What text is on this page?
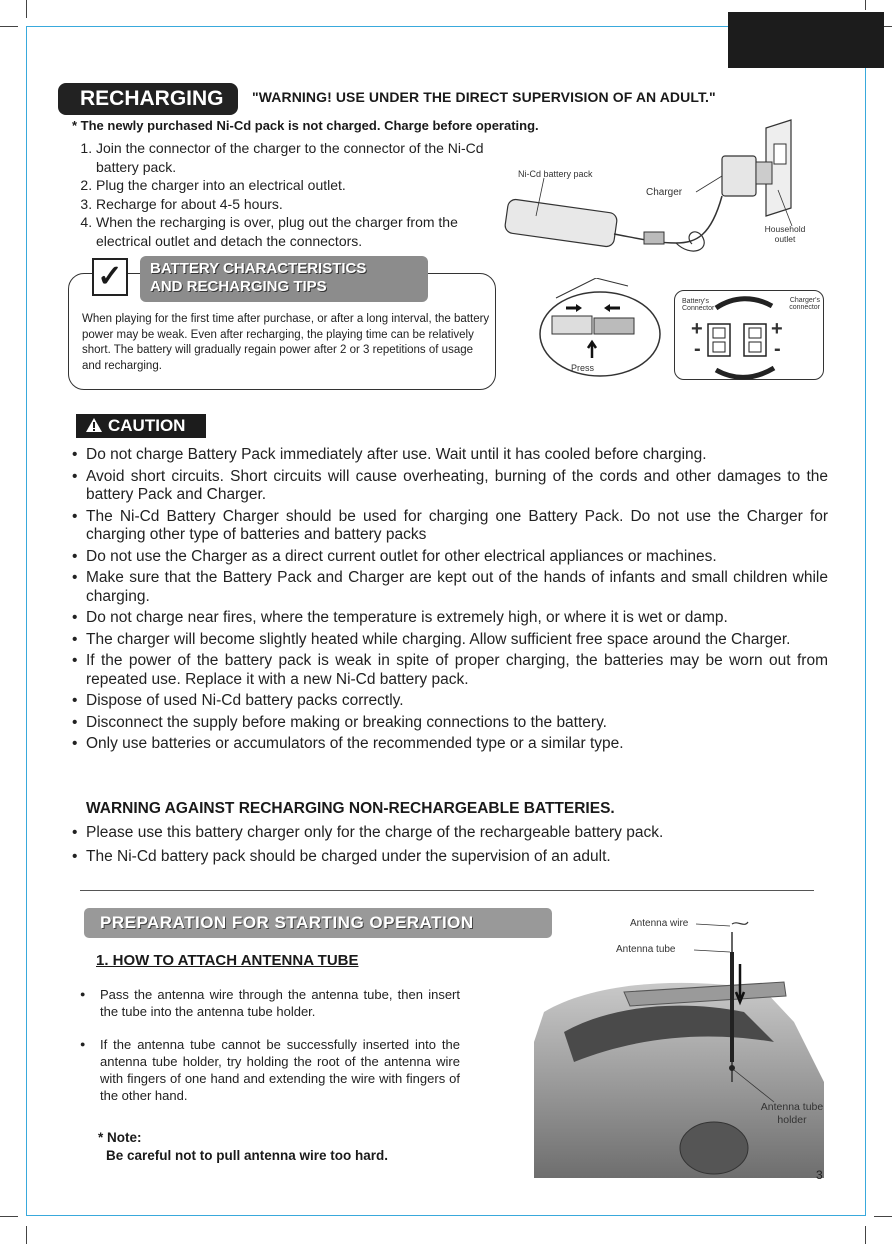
RECHARGING	"WARNING! USE UNDER THE DIRECT SUPERVISION OF AN ADULT."
* The newly purchased Ni-Cd pack is not charged. Charge before operating.
1. Join the connector of the charger to the connector of the Ni-Cd battery pack.
2. Plug the charger into an electrical outlet.
3. Recharge for about 4-5 hours.
4. When the recharging is over, plug out the charger from the electrical outlet and detach the connectors.
Ni-Cd battery pack
Charger
Household outlet
✓	BATTERY CHARACTERISTICS
AND RECHARGING TIPS
When playing for the first time after purchase, or after a long interval, the battery power may be weak. Even after recharging, the playing time can be relatively short. The battery will gradually regain power after 2 or 3 repetitions of usage and recharging.	Press
Battery's Connector
Charger's connector
+
-
+
-
CAUTION
• Do not charge Battery Pack immediately after use. Wait until it has cooled before charging.
• Avoid short circuits. Short circuits will cause overheating, burning of the cords and other damages to the battery Pack and Charger.
• The Ni-Cd Battery Charger should be used for charging one Battery Pack. Do not use the Charger for charging other type of batteries and battery packs
• Do not use the Charger as a direct current outlet for other electrical appliances or machines.
• Make sure that the Battery Pack and Charger are kept out of the hands of infants and small children while charging.
• Do not charge near fires, where the temperature is extremely high, or where it is wet or damp.
• The charger will become slightly heated while charging. Allow sufficient free space around the Charger.
• If the power of the battery pack is weak in spite of proper charging, the batteries may be worn out from repeated use. Replace it with a new Ni-Cd battery pack.
• Dispose of used Ni-Cd battery packs correctly.
• Disconnect the supply before making or breaking connections to the battery.
• Only use batteries or accumulators of the recommended type or a similar type.
WARNING AGAINST RECHARGING NON-RECHARGEABLE BATTERIES.
• Please use this battery charger only for the charge of the rechargeable battery pack.
• The Ni-Cd battery pack should be charged under the supervision of an adult.
PREPARATION FOR STARTING OPERATION
1. HOW TO ATTACH ANTENNA TUBE
● Pass the antenna wire through the antenna tube, then insert the tube into the antenna tube holder.
● If the antenna tube cannot be successfully inserted into the antenna tube holder, try holding the root of the antenna wire with fingers of one hand and extending the wire with fingers of the other hand.
* Note:
Be careful not to pull antenna wire too hard.
Antenna wire
Antenna tube
Antenna tube holder
3
